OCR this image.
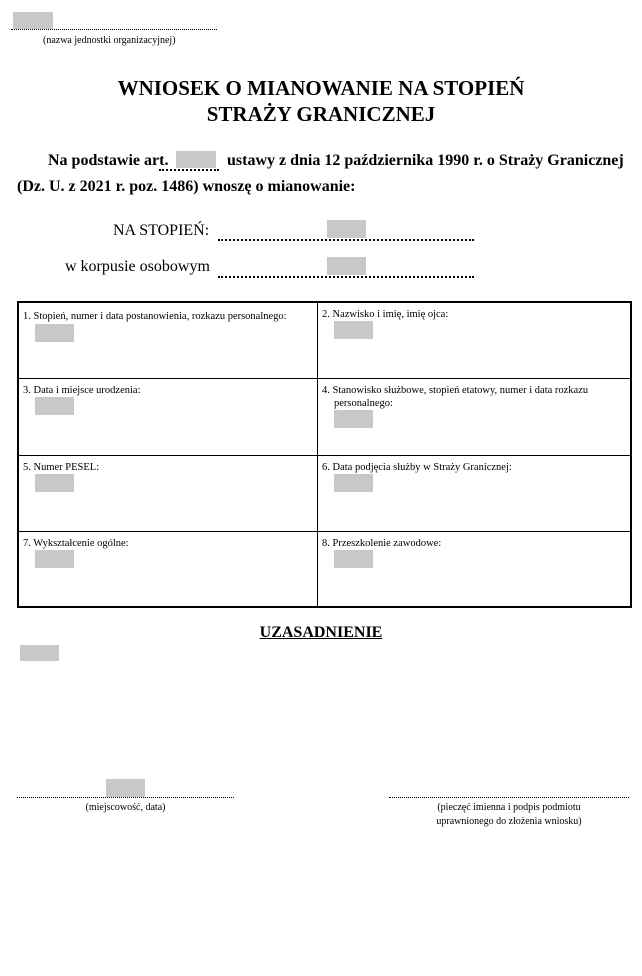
(nazwa jednostki organizacyjnej)
WNIOSEK O MIANOWANIE NA STOPIEŃ
STRAŻY GRANICZNEJ
Na podstawie art.	ustawy z dnia 12 października 1990 r. o Straży Granicznej
(Dz. U. z 2021 r. poz. 1486) wnoszę o mianowanie:
NA STOPIEŃ:
w korpusie osobowym
1. Stopień, numer i data postanowienia, rozkazu personalnego:	2. Nazwisko i imię, imię ojca:
3. Data i miejsce urodzenia:	4. Stanowisko służbowe, stopień etatowy, numer i data rozkazu personalnego:
5. Numer PESEL:	6. Data podjęcia służby w Straży Granicznej:
7. Wykształcenie ogólne:	8. Przeszkolenie zawodowe:
UZASADNIENIE
(miejscowość, data)	(pieczęć imienna i podpis podmiotu
uprawnionego do złożenia wniosku)
